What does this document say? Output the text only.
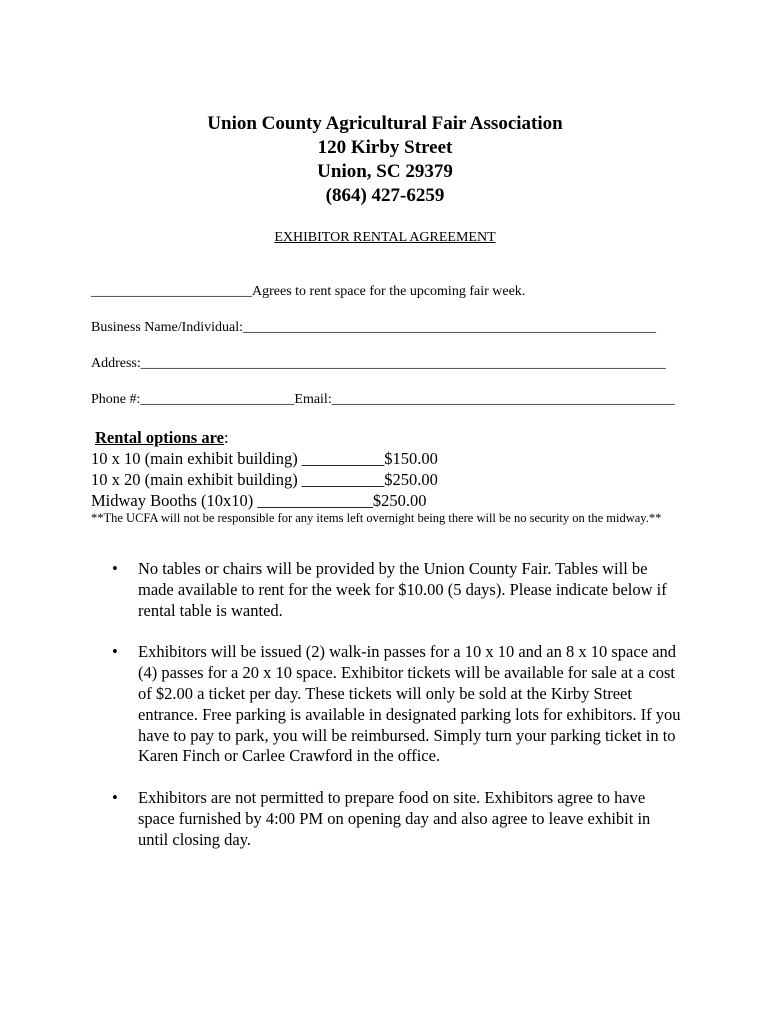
Union County Agricultural Fair Association
120 Kirby Street
Union, SC 29379
(864) 427-6259
EXHIBITOR RENTAL AGREEMENT
_______________________Agrees to rent space for the upcoming fair week.
Business Name/Individual:___________________________________________________________
Address:___________________________________________________________________________
Phone #:______________________Email:_________________________________________________
Rental options are:
10 x 10 (main exhibit building) __________$150.00
10 x 20 (main exhibit building) __________$250.00
Midway Booths (10x10) ______________$250.00
**The UCFA will not be responsible for any items left overnight being there will be no security on the midway.**
• No tables or chairs will be provided by the Union County Fair. Tables will be made available to rent for the week for $10.00 (5 days). Please indicate below if rental table is wanted.
• Exhibitors will be issued (2) walk-in passes for a 10 x 10 and an 8 x 10 space and (4) passes for a 20 x 10 space. Exhibitor tickets will be available for sale at a cost of $2.00 a ticket per day. These tickets will only be sold at the Kirby Street entrance. Free parking is available in designated parking lots for exhibitors. If you have to pay to park, you will be reimbursed. Simply turn your parking ticket in to Karen Finch or Carlee Crawford in the office.
• Exhibitors are not permitted to prepare food on site. Exhibitors agree to have space furnished by 4:00 PM on opening day and also agree to leave exhibit in until closing day.
